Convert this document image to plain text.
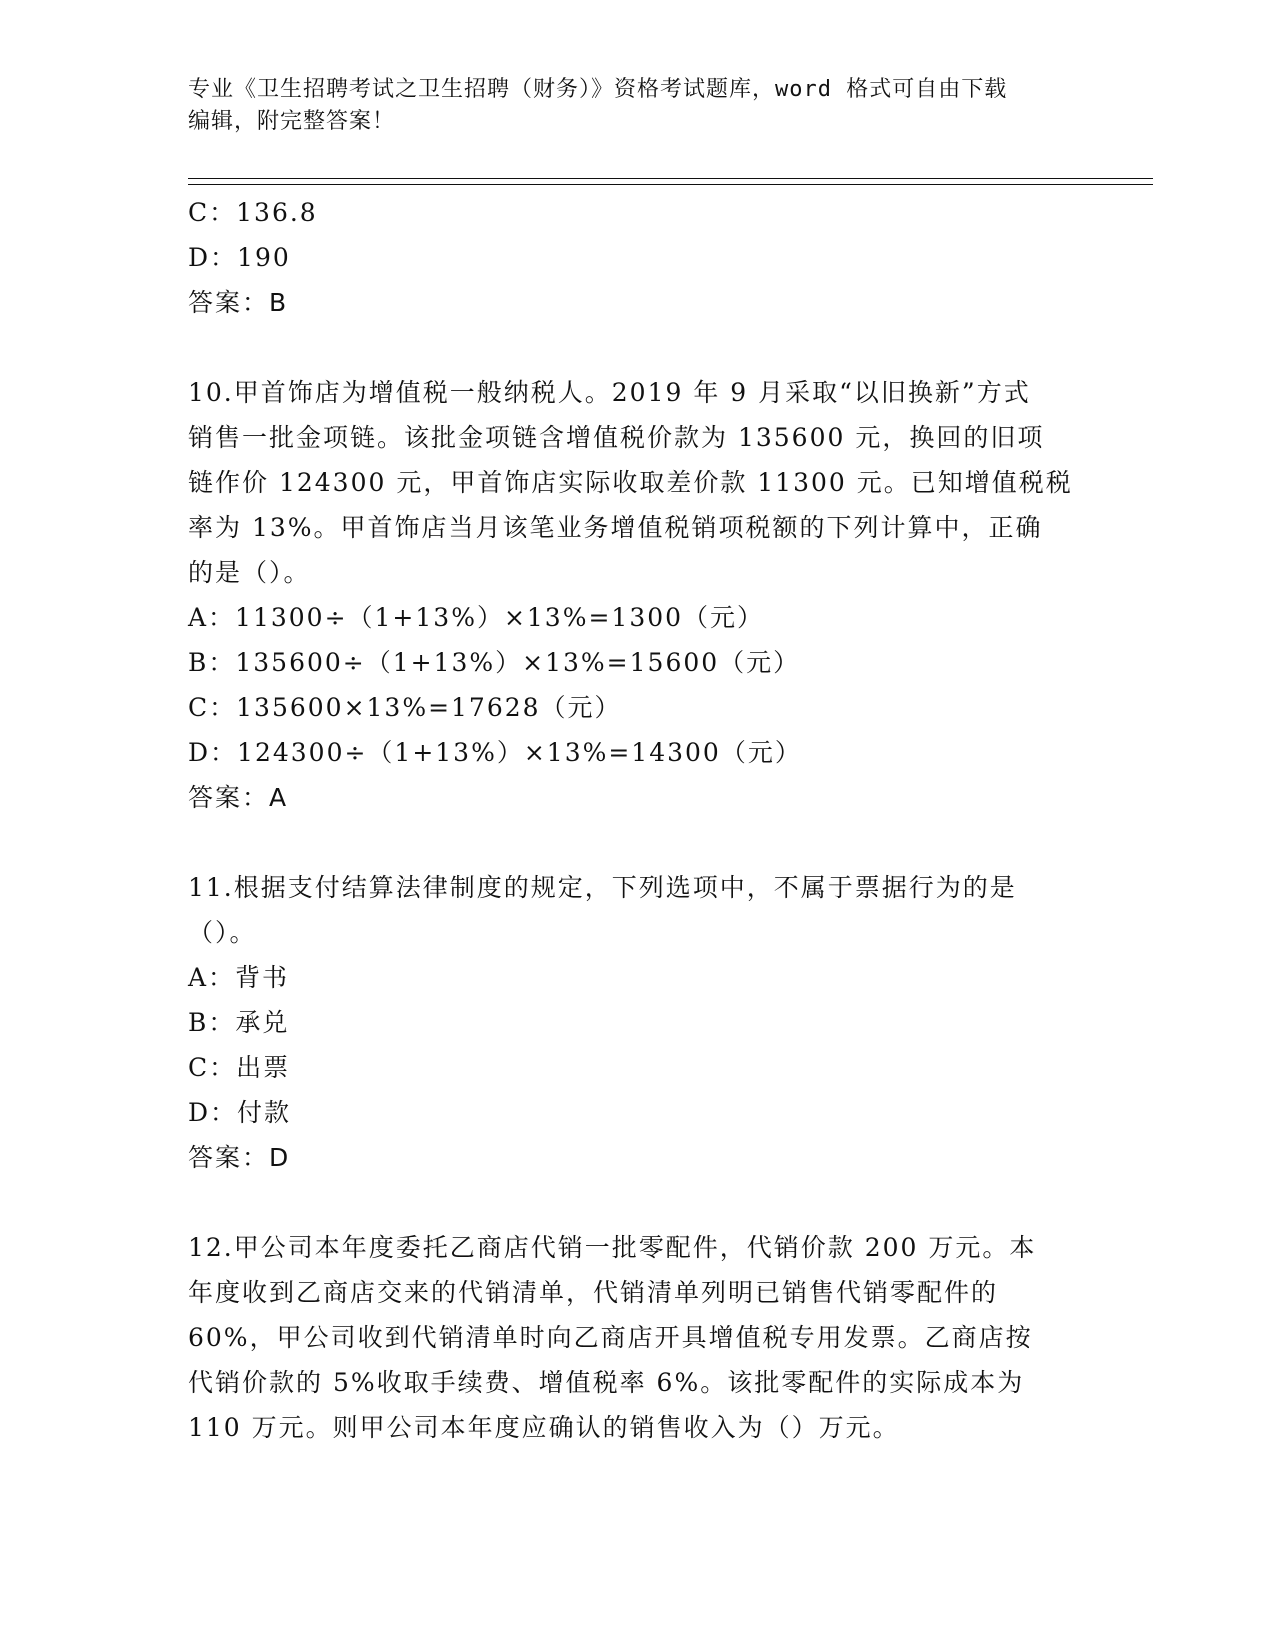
专业《卫生招聘考试之卫生招聘（财务）》资格考试题库，word 格式可自由下载
编辑，附完整答案！
C：136.8
D：190
答案：B
10.甲首饰店为增值税一般纳税人。2019 年 9 月采取“以旧换新”方式
销售一批金项链。该批金项链含增值税价款为 135600 元，换回的旧项
链作价 124300 元，甲首饰店实际收取差价款 11300 元。已知增值税税
率为 13%。甲首饰店当月该笔业务增值税销项税额的下列计算中，正确
的是（）。
A：11300÷（1+13%）×13%=1300（元）
B：135600÷（1+13%）×13%=15600（元）
C：135600×13%=17628（元）
D：124300÷（1+13%）×13%=14300（元）
答案：A
11.根据支付结算法律制度的规定，下列选项中，不属于票据行为的是
（）。
A：背书
B：承兑
C：出票
D：付款
答案：D
12.甲公司本年度委托乙商店代销一批零配件，代销价款 200 万元。本
年度收到乙商店交来的代销清单，代销清单列明已销售代销零配件的
60%，甲公司收到代销清单时向乙商店开具增值税专用发票。乙商店按
代销价款的 5%收取手续费、增值税率 6%。该批零配件的实际成本为
110 万元。则甲公司本年度应确认的销售收入为（）万元。
